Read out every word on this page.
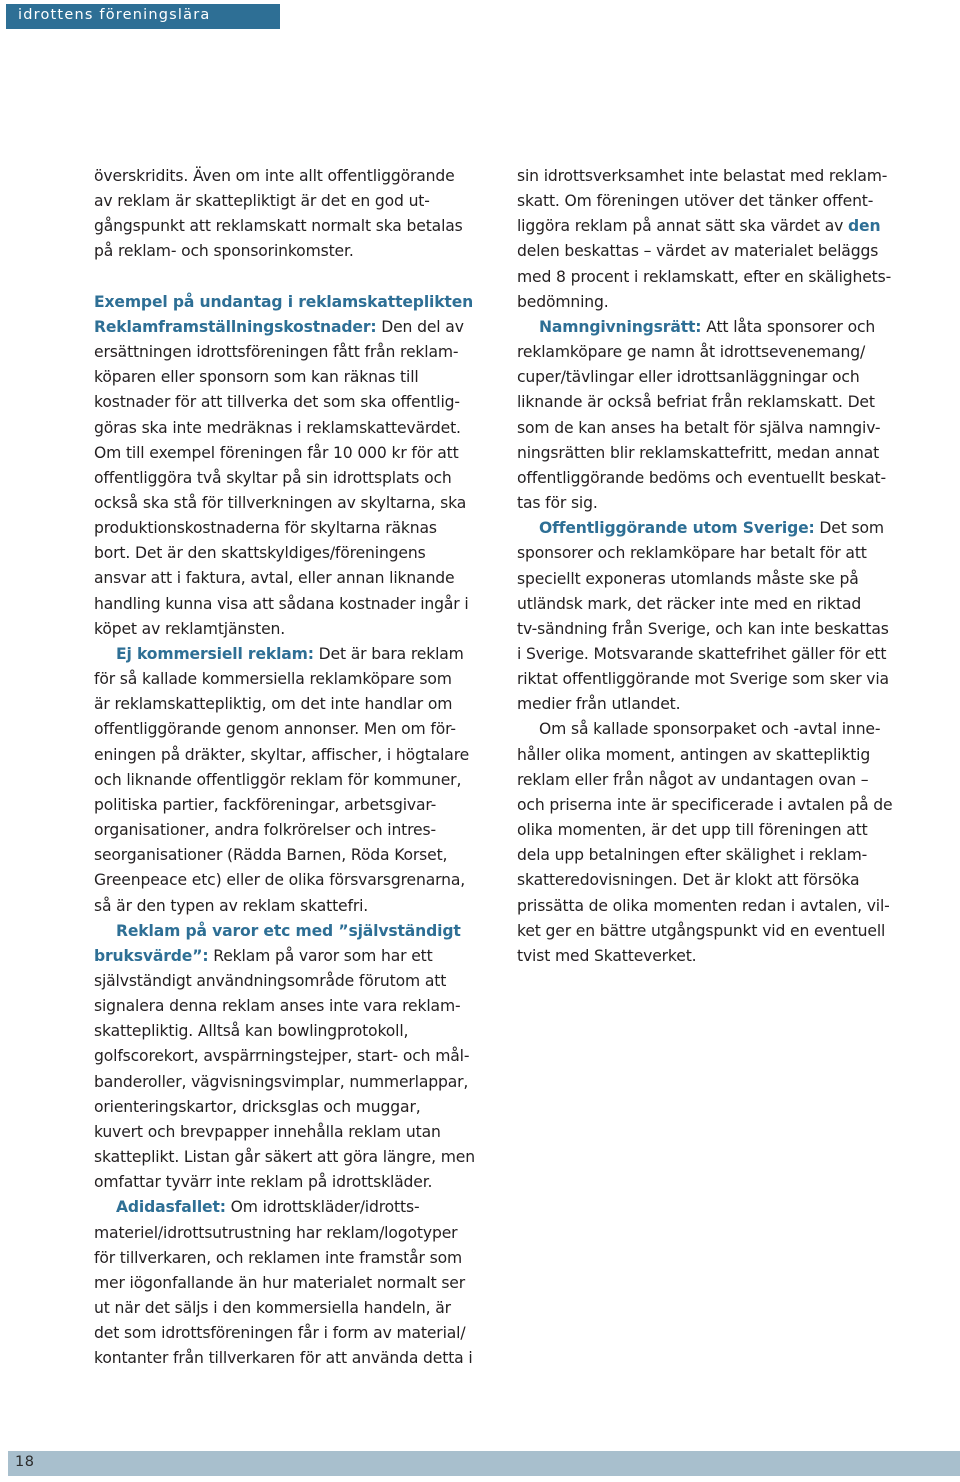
idrottens föreningslära

överskridits. Även om inte allt offentliggörande
av reklam är skattepliktigt är det en god ut-
gångspunkt att reklamskatt normalt ska betalas
på reklam- och sponsorinkomster.

Exempel på undantag i reklamskatteplikten
Reklamframställningskostnader: Den del av
ersättningen idrottsföreningen fått från reklam-
köparen eller sponsorn som kan räknas till
kostnader för att tillverka det som ska offentlig-
göras ska inte medräknas i reklamskattevärdet.
Om till exempel föreningen får 10 000 kr för att
offentliggöra två skyltar på sin idrottsplats och
också ska stå för tillverkningen av skyltarna, ska
produktionskostnaderna för skyltarna räknas
bort. Det är den skattskyldiges/föreningens
ansvar att i faktura, avtal, eller annan liknande
handling kunna visa att sådana kostnader ingår i
köpet av reklamtjänsten.

Ej kommersiell reklam: Det är bara reklam
för så kallade kommersiella reklamköpare som
är reklamskattepliktig, om det inte handlar om
offentliggörande genom annonser. Men om för-
eningen på dräkter, skyltar, affischer, i högtalare
och liknande offentliggör reklam för kommuner,
politiska partier, fackföreningar, arbetsgivar-
organisationer, andra folkrörelser och intres-
seorganisationer (Rädda Barnen, Röda Korset,
Greenpeace etc) eller de olika försvarsgrenarna,
så är den typen av reklam skattefri.

Reklam på varor etc med ”självständigt
bruksvärde”: Reklam på varor som har ett
självständigt användningsområde förutom att
signalera denna reklam anses inte vara reklam-
skattepliktig. Alltså kan bowlingprotokoll,
golfscorekort, avspärrningstejper, start- och mål-
banderoller, vägvisningsvimplar, nummerlappar,
orienteringskartor, dricksglas och muggar,
kuvert och brevpapper innehålla reklam utan
skatteplikt. Listan går säkert att göra längre, men
omfattar tyvärr inte reklam på idrottskläder.

Adidasfallet: Om idrottskläder/idrotts-
materiel/idrottsutrustning har reklam/logotyper
för tillverkaren, och reklamen inte framstår som
mer iögonfallande än hur materialet normalt ser
ut när det säljs i den kommersiella handeln, är
det som idrottsföreningen får i form av material/
kontanter från tillverkaren för att använda detta i

sin idrottsverksamhet inte belastat med reklam-
skatt. Om föreningen utöver det tänker offent-
liggöra reklam på annat sätt ska värdet av den
delen beskattas – värdet av materialet beläggs
med 8 procent i reklamskatt, efter en skälighets-
bedömning.

Namngivningsrätt: Att låta sponsorer och
reklamköpare ge namn åt idrottsevenemang/
cuper/tävlingar eller idrottsanläggningar och
liknande är också befriat från reklamskatt. Det
som de kan anses ha betalt för själva namngiv-
ningsrätten blir reklamskattefritt, medan annat
offentliggörande bedöms och eventuellt beskat-
tas för sig.

Offentliggörande utom Sverige: Det som
sponsorer och reklamköpare har betalt för att
speciellt exponeras utomlands måste ske på
utländsk mark, det räcker inte med en riktad
tv-sändning från Sverige, och kan inte beskattas
i Sverige. Motsvarande skattefrihet gäller för ett
riktat offentliggörande mot Sverige som sker via
medier från utlandet.

Om så kallade sponsorpaket och -avtal inne-
håller olika moment, antingen av skattepliktig
reklam eller från något av undantagen ovan –
och priserna inte är specificerade i avtalen på de
olika momenten, är det upp till föreningen att
dela upp betalningen efter skälighet i reklam-
skatteredovisningen. Det är klokt att försöka
prissätta de olika momenten redan i avtalen, vil-
ket ger en bättre utgångspunkt vid en eventuell
tvist med Skatteverket.

18
